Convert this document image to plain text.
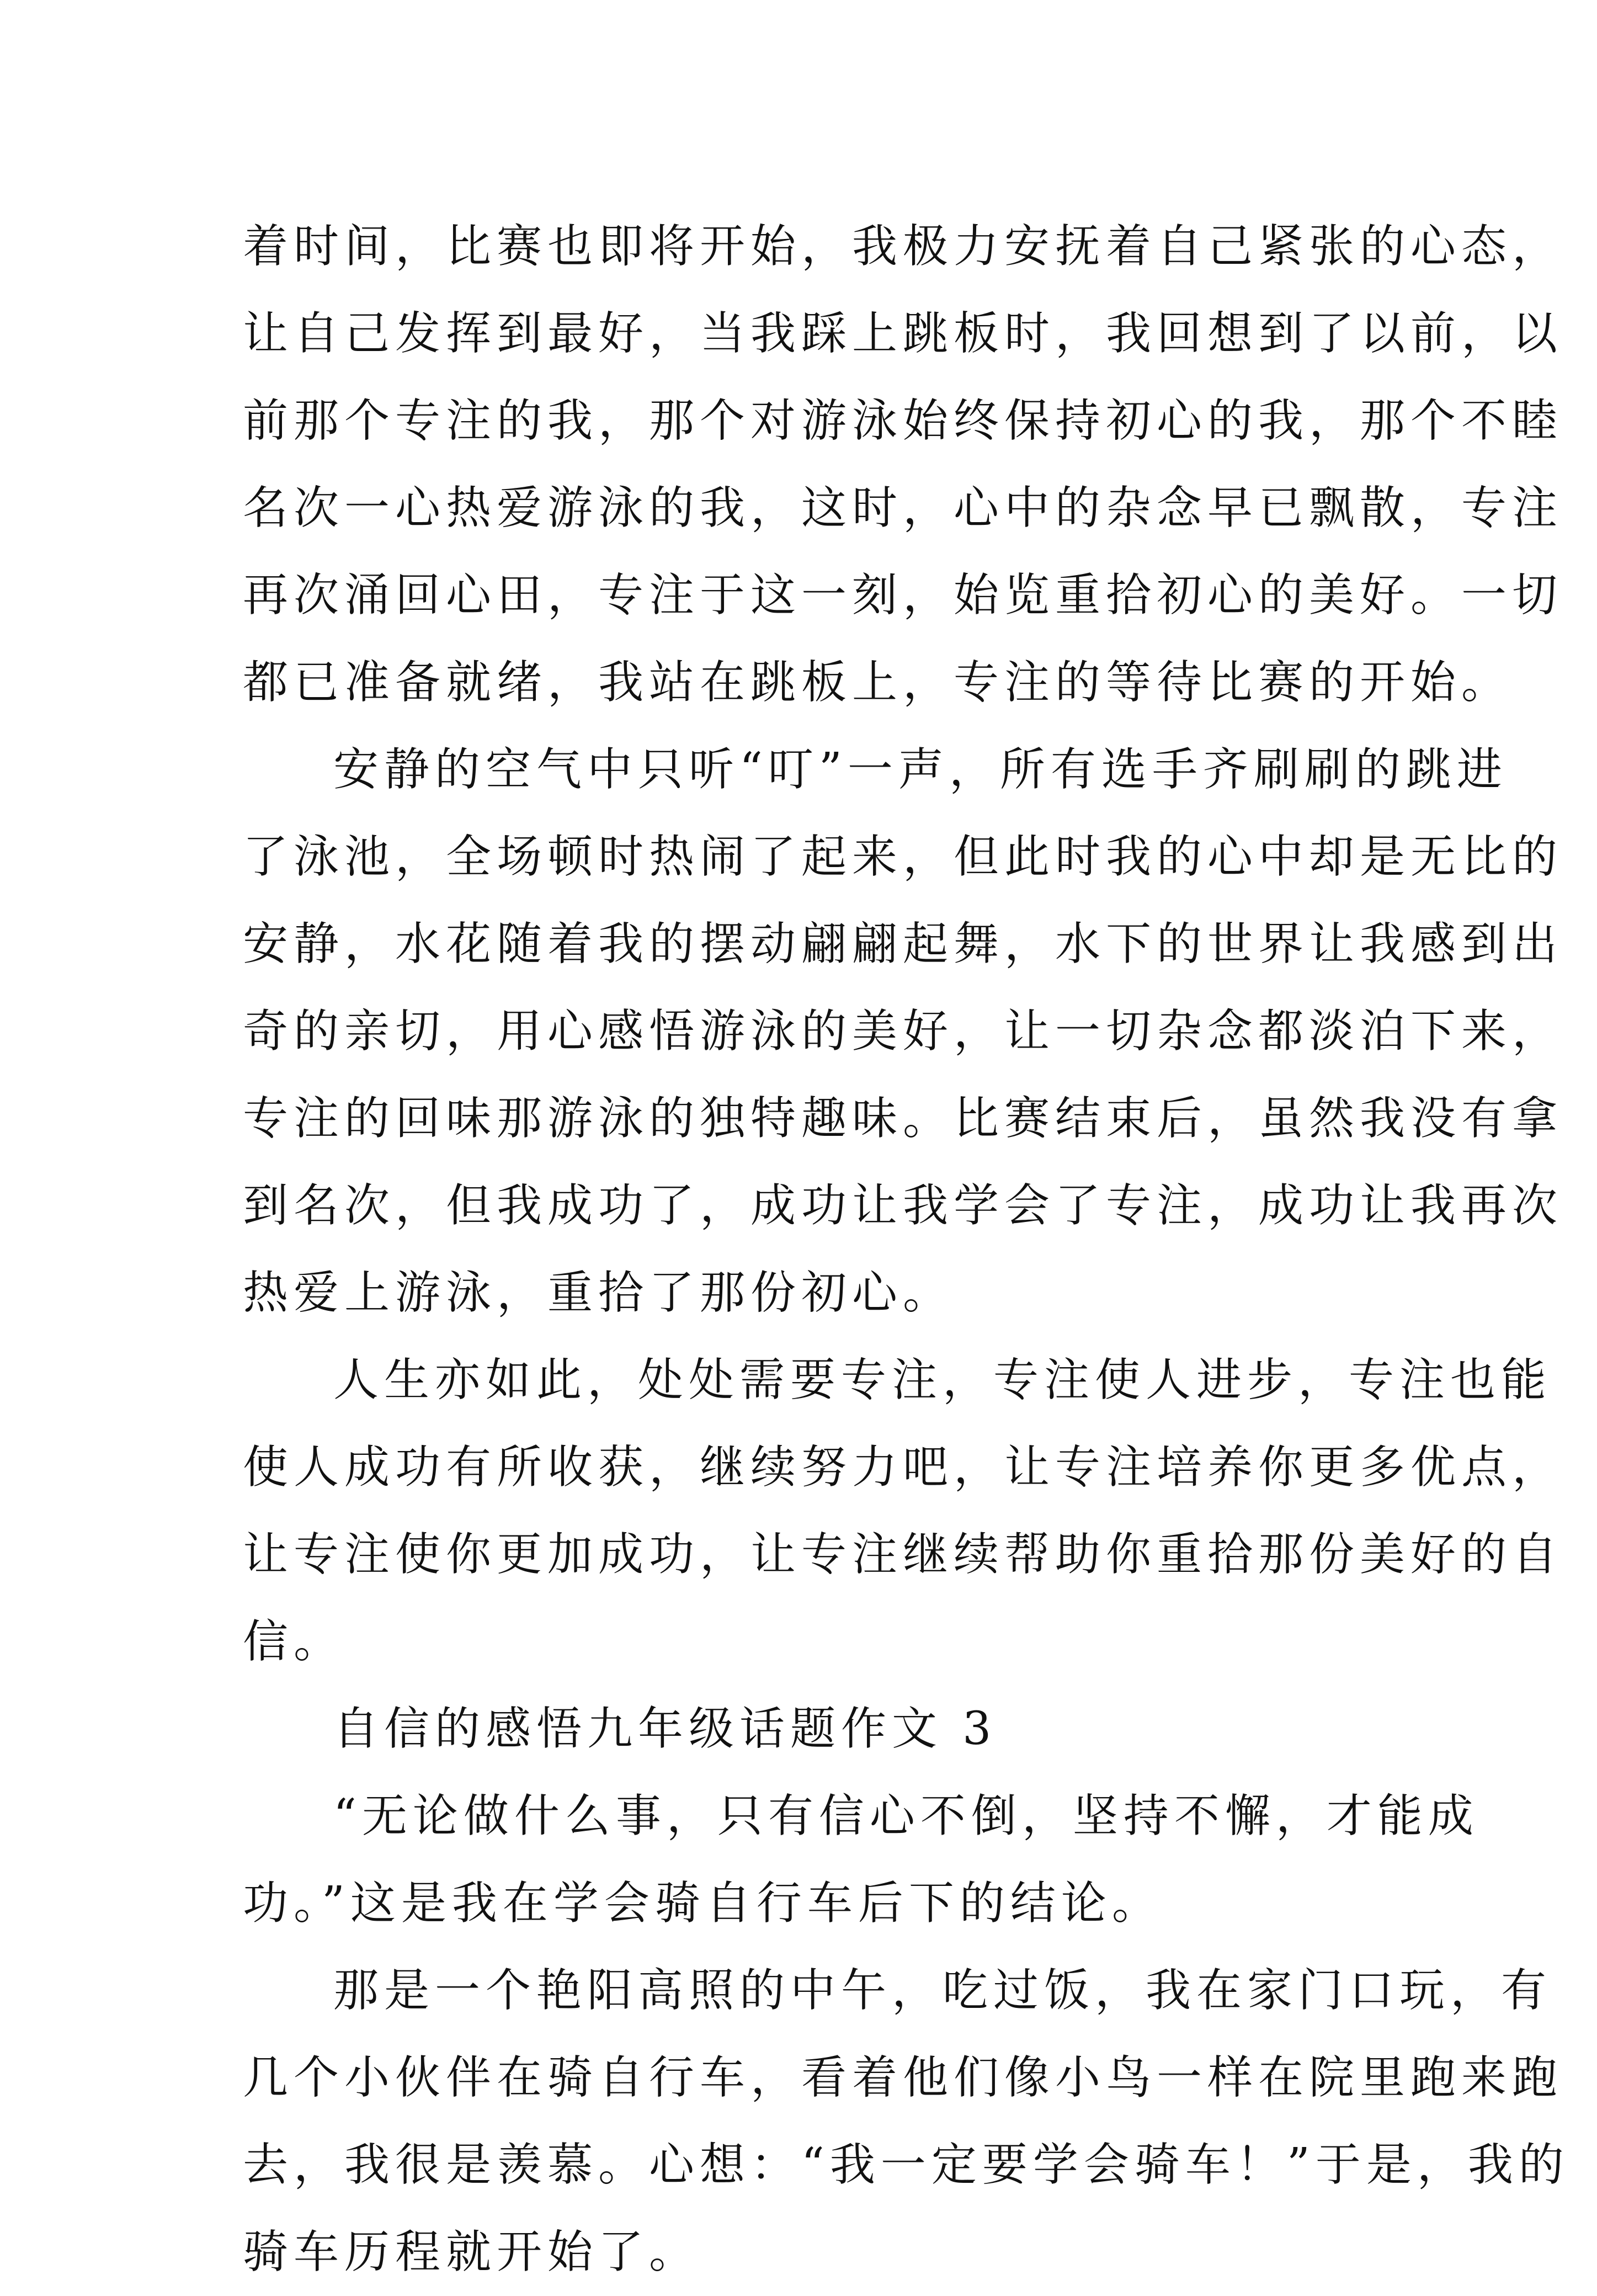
着时间，比赛也即将开始，我极力安抚着自己紧张的心态，
让自己发挥到最好，当我踩上跳板时，我回想到了以前，以
前那个专注的我，那个对游泳始终保持初心的我，那个不睦
名次一心热爱游泳的我，这时，心中的杂念早已飘散，专注
再次涌回心田，专注于这一刻，始览重拾初心的美好。一切
都已准备就绪，我站在跳板上，专注的等待比赛的开始。
安静的空气中只听“叮”一声，所有选手齐刷刷的跳进
了泳池，全场顿时热闹了起来，但此时我的心中却是无比的
安静，水花随着我的摆动翩翩起舞，水下的世界让我感到出
奇的亲切，用心感悟游泳的美好，让一切杂念都淡泊下来，
专注的回味那游泳的独特趣味。比赛结束后，虽然我没有拿
到名次，但我成功了，成功让我学会了专注，成功让我再次
热爱上游泳，重拾了那份初心。
人生亦如此，处处需要专注，专注使人进步，专注也能
使人成功有所收获，继续努力吧，让专注培养你更多优点，
让专注使你更加成功，让专注继续帮助你重拾那份美好的自
信。
自信的感悟九年级话题作文 3
“无论做什么事，只有信心不倒，坚持不懈，才能成
功。”这是我在学会骑自行车后下的结论。
那是一个艳阳高照的中午，吃过饭，我在家门口玩，有
几个小伙伴在骑自行车，看着他们像小鸟一样在院里跑来跑
去，我很是羡慕。心想：“我一定要学会骑车！”于是，我的
骑车历程就开始了。
